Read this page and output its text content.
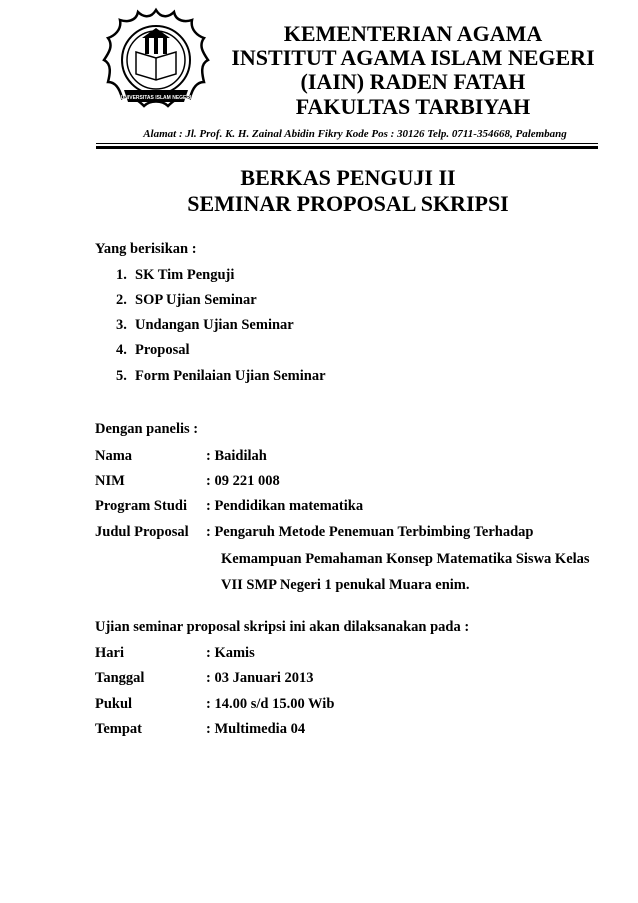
UNIVERSITAS ISLAM NEGERI
KEMENTERIAN AGAMA
INSTITUT AGAMA ISLAM NEGERI
(IAIN) RADEN FATAH
FAKULTAS TARBIYAH
Alamat : Jl. Prof. K. H. Zainal Abidin Fikry Kode Pos : 30126 Telp. 0711-354668, Palembang
BERKAS PENGUJI II
SEMINAR PROPOSAL SKRIPSI
Yang berisikan :
1. SK Tim Penguji
2. SOP Ujian Seminar
3. Undangan Ujian Seminar
4. Proposal
5. Form Penilaian Ujian Seminar
Dengan panelis :
Nama	: Baidilah
NIM	: 09 221 008
Program Studi : Pendidikan matematika
Judul Proposal : Pengaruh Metode Penemuan Terbimbing Terhadap
Kemampuan Pemahaman Konsep Matematika Siswa Kelas
VII SMP Negeri 1 penukal Muara enim.
Ujian seminar proposal skripsi ini akan dilaksanakan pada :
Hari	: Kamis
Tanggal	: 03 Januari 2013
Pukul	: 14.00 s/d 15.00 Wib
Tempat	: Multimedia 04
